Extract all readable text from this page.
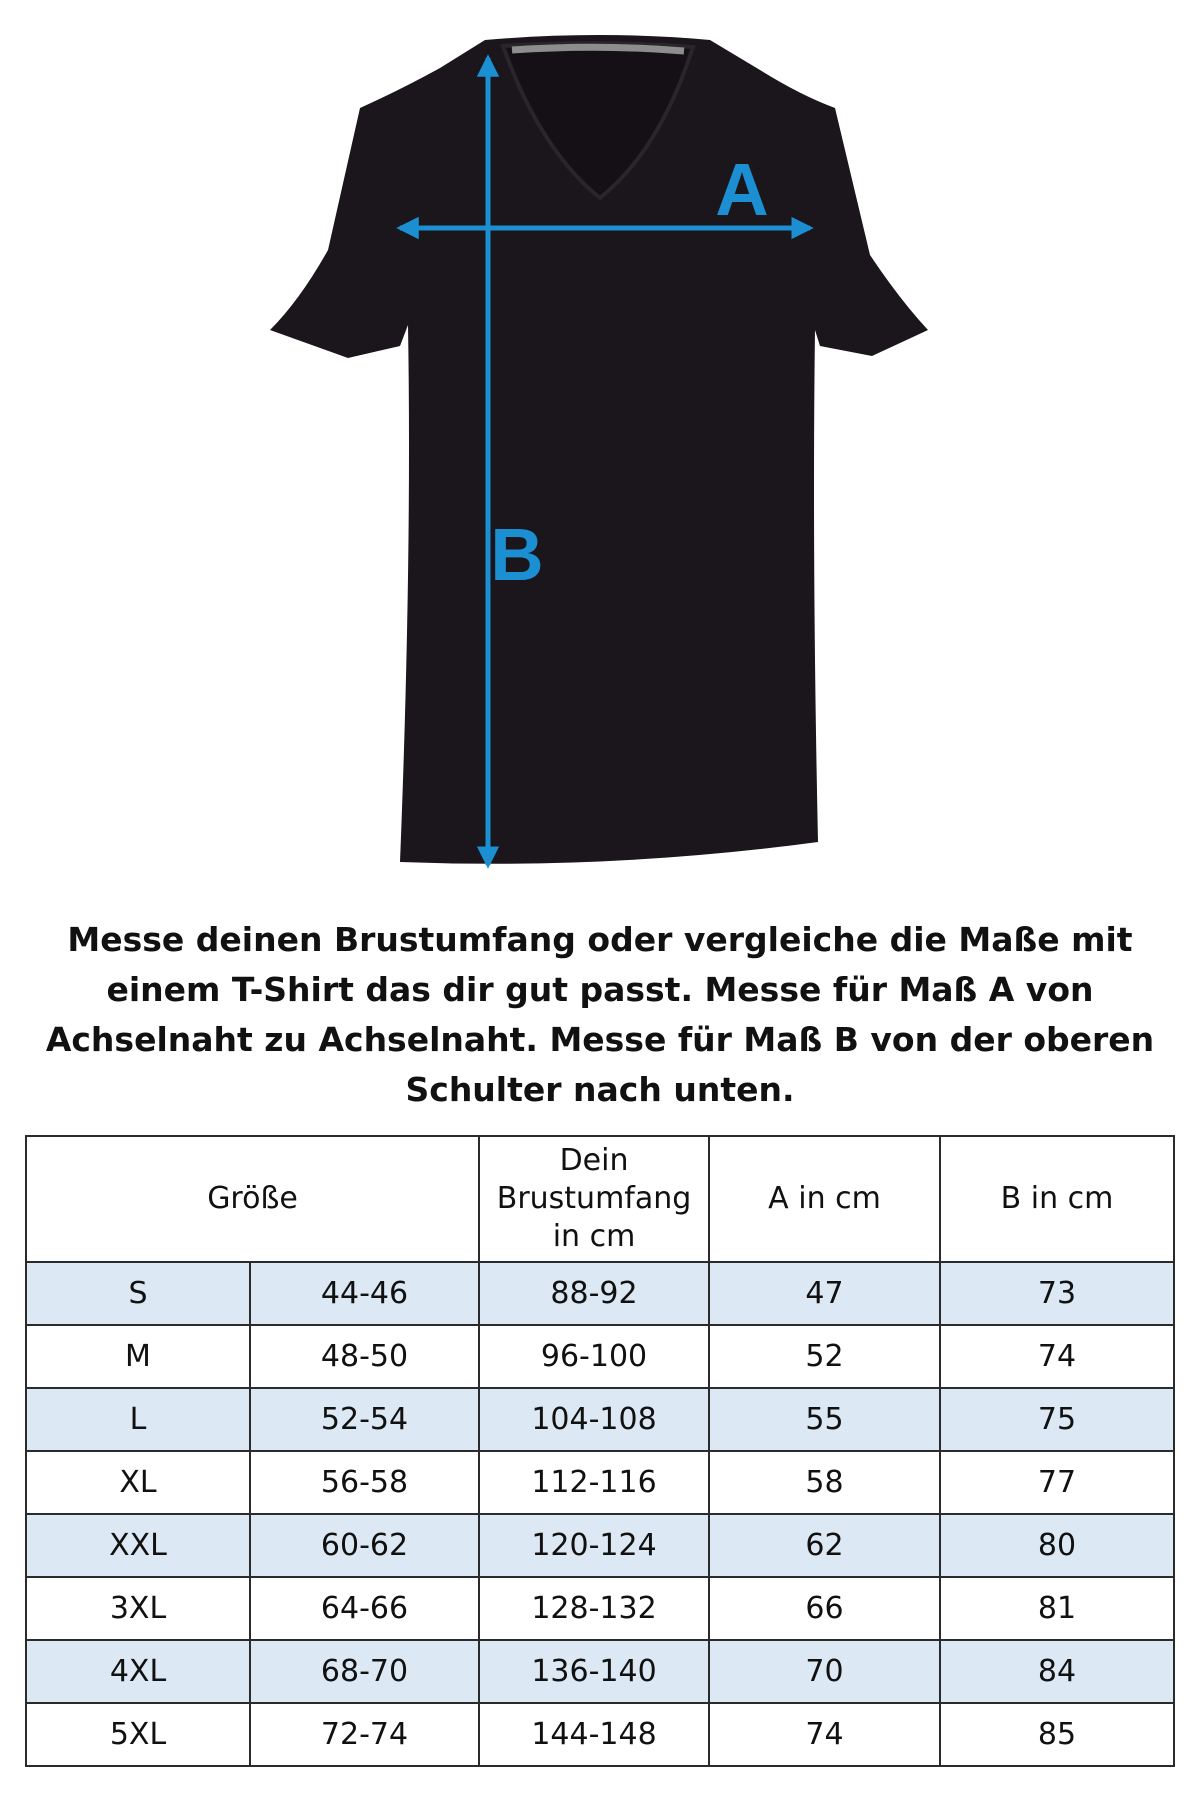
A
B

Messe deinen Brustumfang oder vergleiche die Maße mit einem T-Shirt das dir gut passt. Messe für Maß A von Achselnaht zu Achselnaht. Messe für Maß B von der oberen Schulter nach unten.

Größe		Dein
Brustumfang
in cm	A in cm	B in cm
S	44-46	88-92	47	73
M	48-50	96-100	52	74
L	52-54	104-108	55	75
XL	56-58	112-116	58	77
XXL	60-62	120-124	62	80
3XL	64-66	128-132	66	81
4XL	68-70	136-140	70	84
5XL	72-74	144-148	74	85
